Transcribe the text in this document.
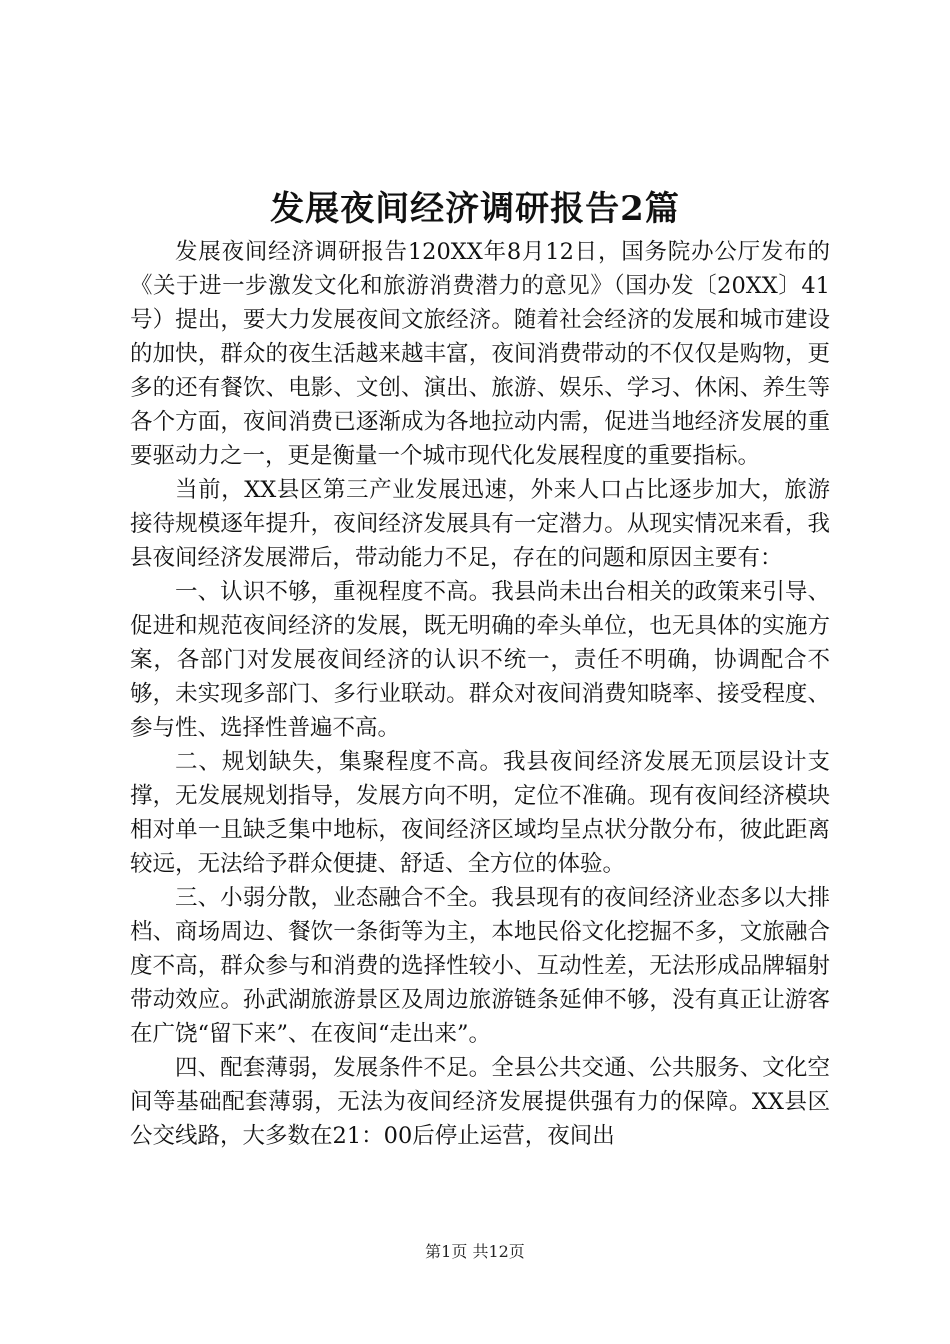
发展夜间经济调研报告2篇

发展夜间经济调研报告120XX年8月12日，国务院办公厅发布的《关于进一步激发文化和旅游消费潜力的意见》（国办发〔20XX〕41号）提出，要大力发展夜间文旅经济。随着社会经济的发展和城市建设的加快，群众的夜生活越来越丰富，夜间消费带动的不仅仅是购物，更多的还有餐饮、电影、文创、演出、旅游、娱乐、学习、休闲、养生等各个方面，夜间消费已逐渐成为各地拉动内需，促进当地经济发展的重要驱动力之一，更是衡量一个城市现代化发展程度的重要指标。

当前，XX县区第三产业发展迅速，外来人口占比逐步加大，旅游接待规模逐年提升，夜间经济发展具有一定潜力。从现实情况来看，我县夜间经济发展滞后，带动能力不足，存在的问题和原因主要有：

一、认识不够，重视程度不高。我县尚未出台相关的政策来引导、促进和规范夜间经济的发展，既无明确的牵头单位，也无具体的实施方案，各部门对发展夜间经济的认识不统一，责任不明确，协调配合不够，未实现多部门、多行业联动。群众对夜间消费知晓率、接受程度、参与性、选择性普遍不高。

二、规划缺失，集聚程度不高。我县夜间经济发展无顶层设计支撑，无发展规划指导，发展方向不明，定位不准确。现有夜间经济模块相对单一且缺乏集中地标，夜间经济区域均呈点状分散分布，彼此距离较远，无法给予群众便捷、舒适、全方位的体验。

三、小弱分散，业态融合不全。我县现有的夜间经济业态多以大排档、商场周边、餐饮一条街等为主，本地民俗文化挖掘不多，文旅融合度不高，群众参与和消费的选择性较小、互动性差，无法形成品牌辐射带动效应。孙武湖旅游景区及周边旅游链条延伸不够，没有真正让游客在广饶“留下来”、在夜间“走出来”。

四、配套薄弱，发展条件不足。全县公共交通、公共服务、文化空间等基础配套薄弱，无法为夜间经济发展提供强有力的保障。XX县区公交线路，大多数在21：00后停止运营，夜间出

第1页 共12页
